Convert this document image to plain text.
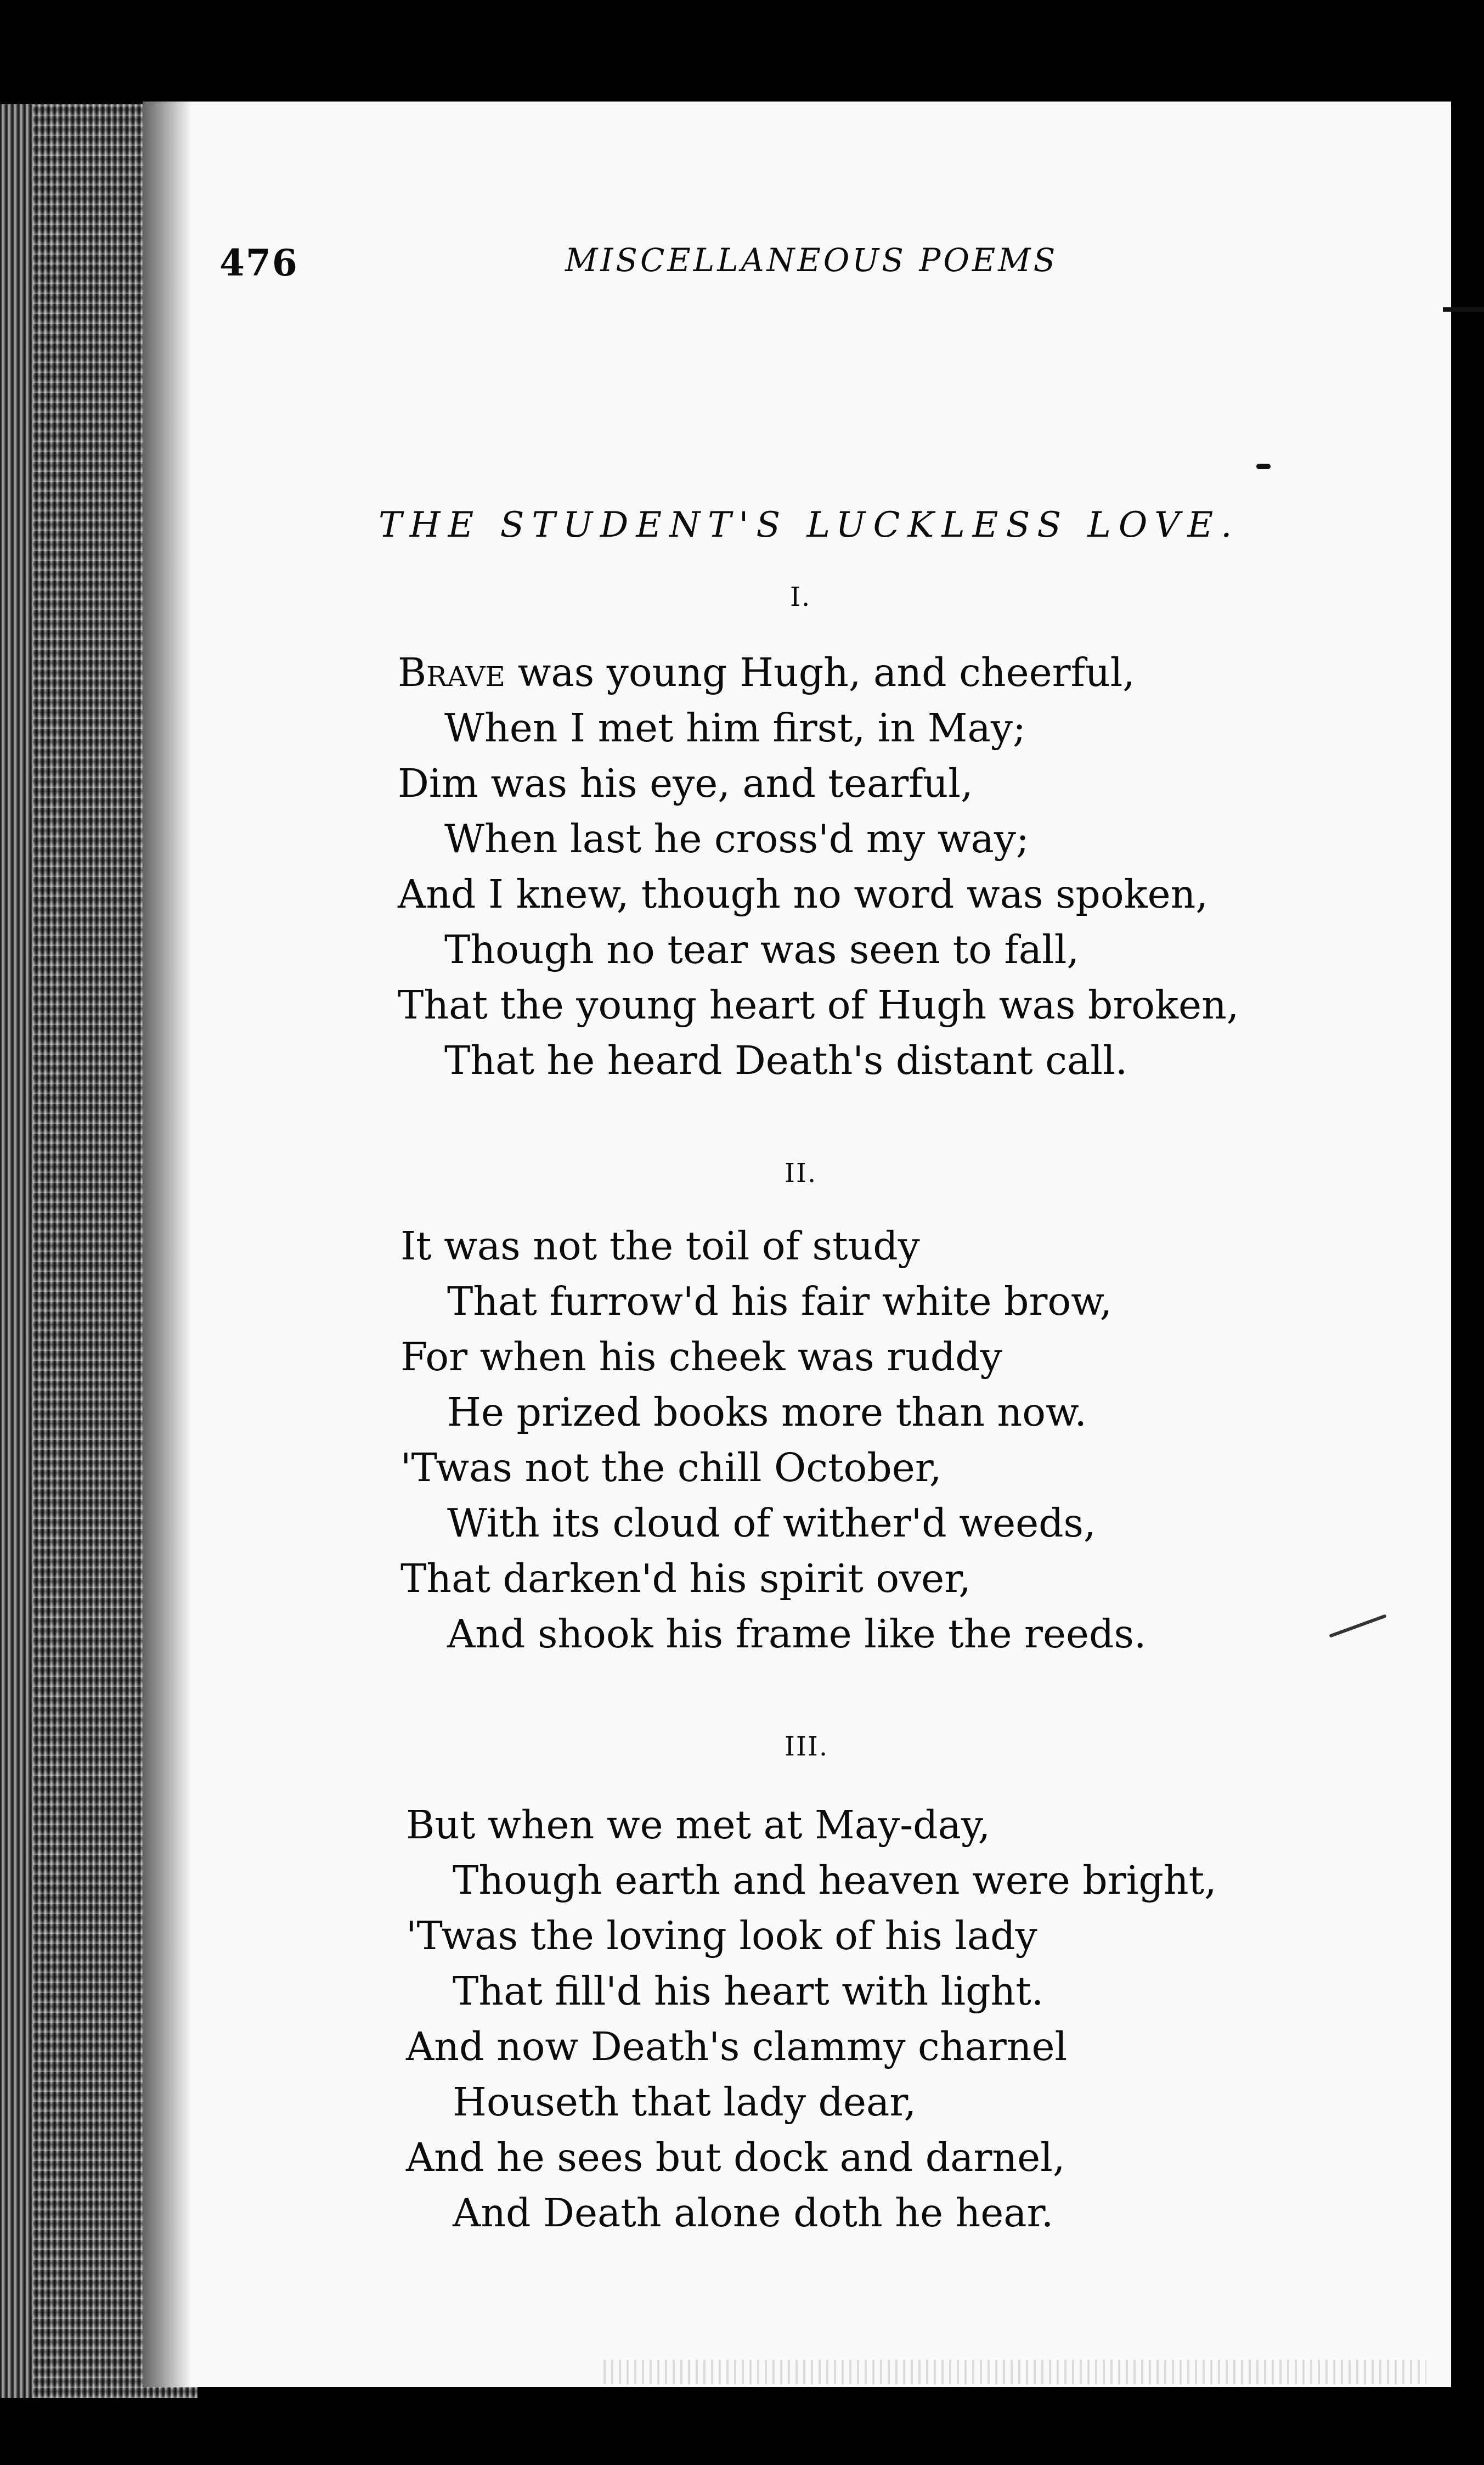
476	MISCELLANEOUS POEMS
THE STUDENT'S LUCKLESS LOVE.
I.
Brave was young Hugh, and cheerful,
When I met him first, in May;
Dim was his eye, and tearful,
When last he cross'd my way;
And I knew, though no word was spoken,
Though no tear was seen to fall,
That the young heart of Hugh was broken,
That he heard Death's distant call.
II.
It was not the toil of study
That furrow'd his fair white brow,
For when his cheek was ruddy
He prized books more than now.
'Twas not the chill October,
With its cloud of wither'd weeds,
That darken'd his spirit over,
And shook his frame like the reeds.
III.
But when we met at May-day,
Though earth and heaven were bright,
'Twas the loving look of his lady
That fill'd his heart with light.
And now Death's clammy charnel
Houseth that lady dear,
And he sees but dock and darnel,
And Death alone doth he hear.
